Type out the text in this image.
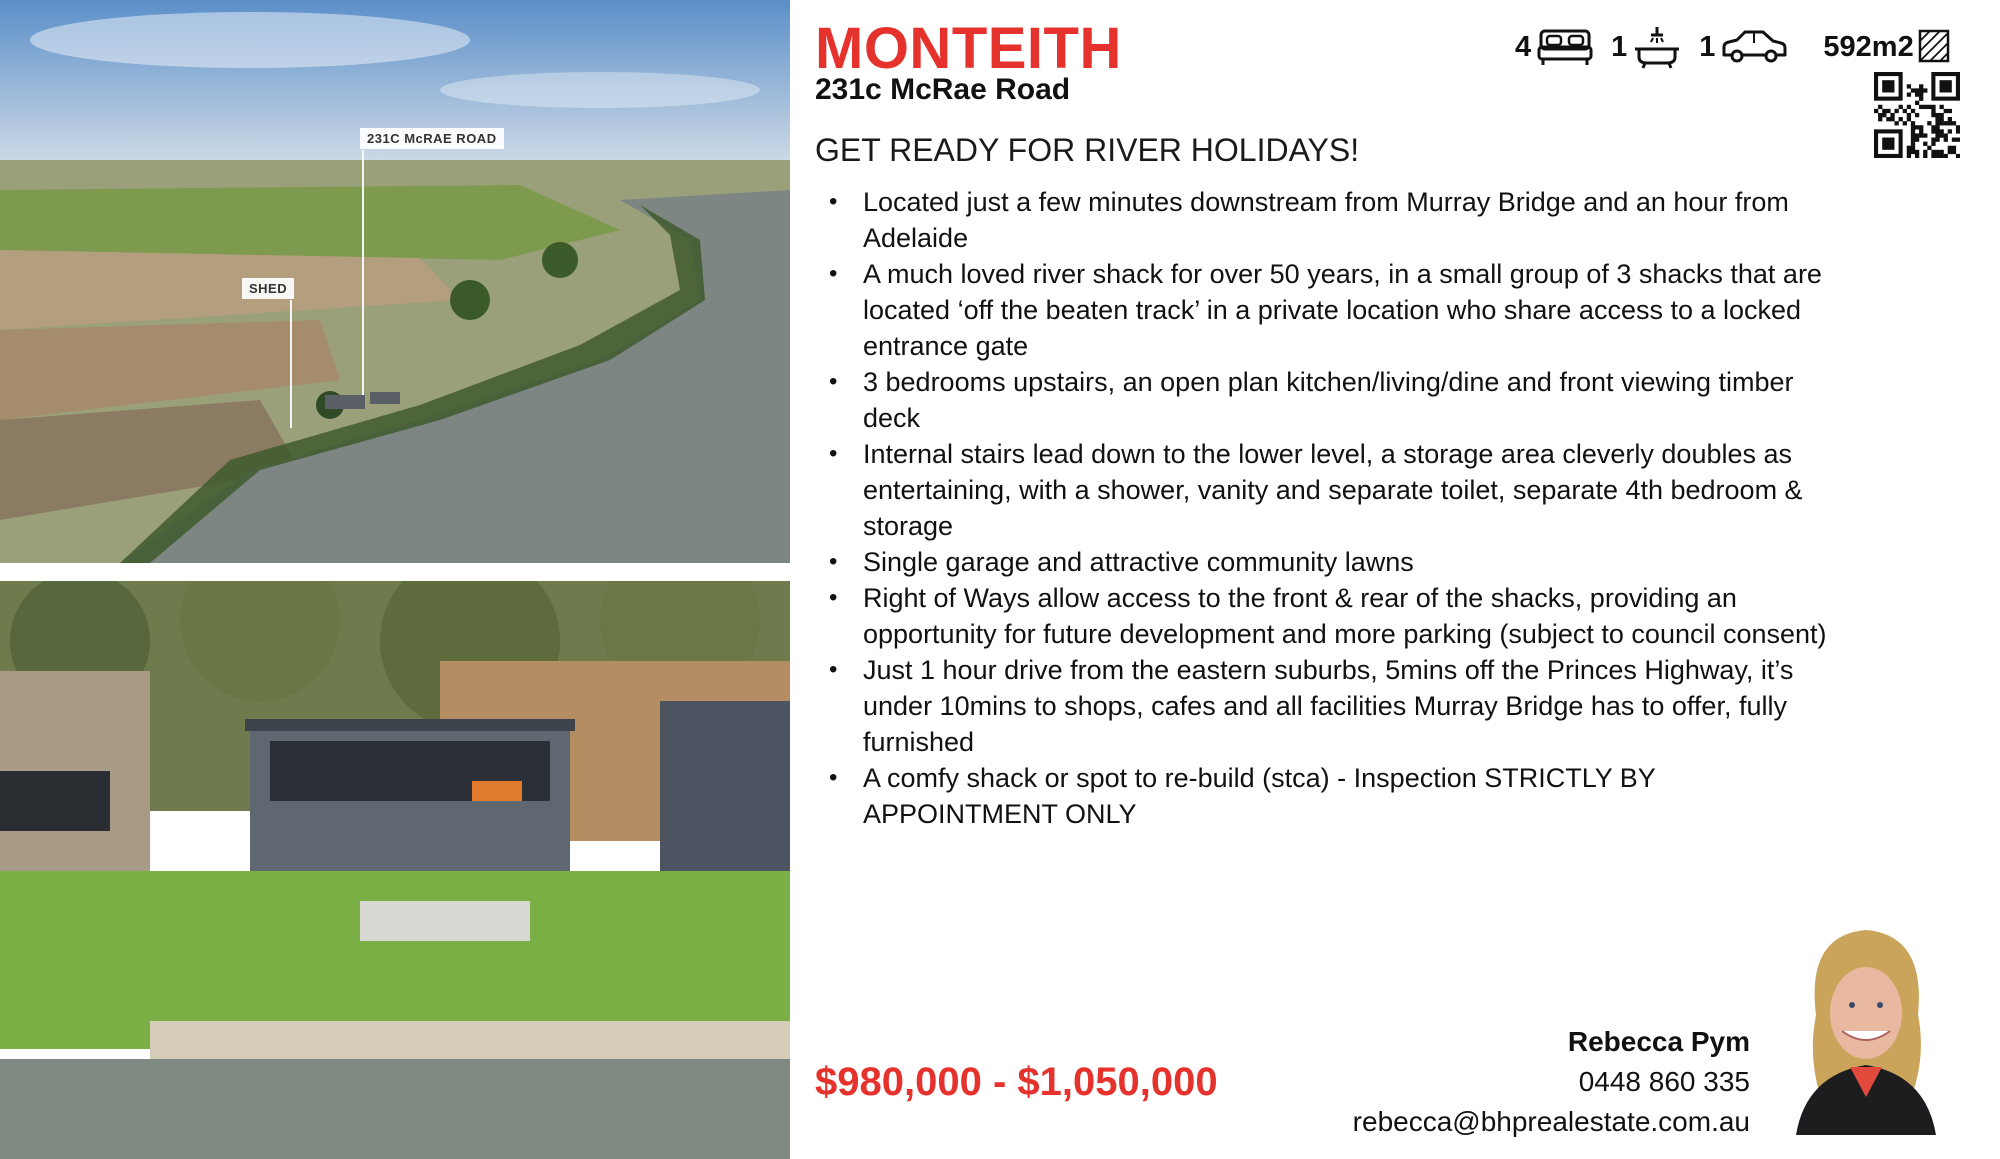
231C McRAE ROAD
SHED
MONTEITH
231c McRae Road
4	1 1	592m2
GET READY FOR RIVER HOLIDAYS!
• Located just a few minutes downstream from Murray Bridge and an hour from Adelaide
• A much loved river shack for over 50 years, in a small group of 3 shacks that are located ‘off the beaten track’ in a private location who share access to a locked entrance gate
• 3 bedrooms upstairs, an open plan kitchen/living/dine and front viewing timber deck
• Internal stairs lead down to the lower level, a storage area cleverly doubles as entertaining, with a shower, vanity and separate toilet, separate 4th bedroom & storage
• Single garage and attractive community lawns
• Right of Ways allow access to the front & rear of the shacks, providing an opportunity for future development and more parking (subject to council consent)
• Just 1 hour drive from the eastern suburbs, 5mins off the Princes Highway, it’s under 10mins to shops, cafes and all facilities Murray Bridge has to offer, fully furnished
• A comfy shack or spot to re-build (stca) - Inspection STRICTLY BY APPOINTMENT ONLY
$980,000 - $1,050,000
Rebecca Pym
0448 860 335
rebecca@bhprealestate.com.au
